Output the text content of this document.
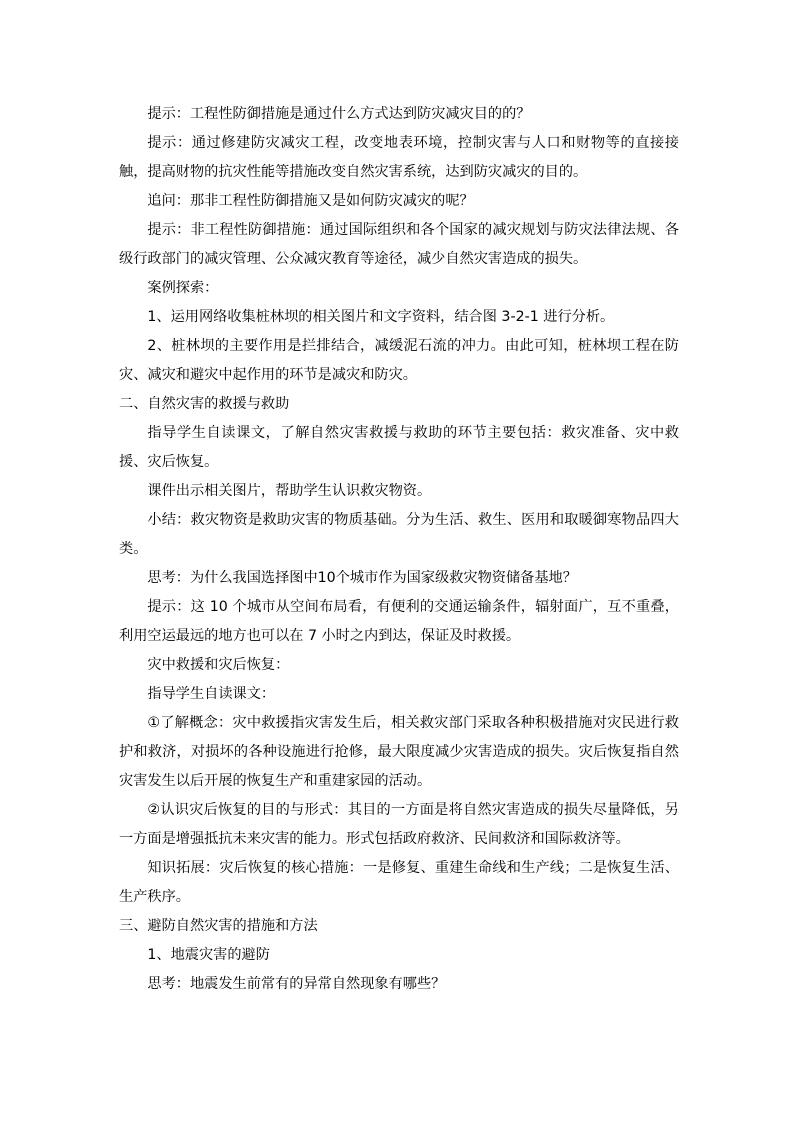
提示：工程性防御措施是通过什么方式达到防灾减灾目的的？

提示：通过修建防灾减灾工程，改变地表环境，控制灾害与人口和财物等的直接接触，提高财物的抗灾性能等措施改变自然灾害系统，达到防灾减灾的目的。

追问：那非工程性防御措施又是如何防灾减灾的呢？

提示：非工程性防御措施：通过国际组织和各个国家的减灾规划与防灾法律法规、各级行政部门的减灾管理、公众减灾教育等途径，减少自然灾害造成的损失。

案例探索：

1、运用网络收集桩林坝的相关图片和文字资料，结合图 3-2-1 进行分析。

2、桩林坝的主要作用是拦排结合，减缓泥石流的冲力。由此可知，桩林坝工程在防灾、减灾和避灾中起作用的环节是减灾和防灾。

二、自然灾害的救援与救助

指导学生自读课文，了解自然灾害救援与救助的环节主要包括：救灾准备、灾中救援、灾后恢复。

课件出示相关图片，帮助学生认识救灾物资。

小结：救灾物资是救助灾害的物质基础。分为生活、救生、医用和取暖御寒物品四大类。

思考：为什么我国选择图中10个城市作为国家级救灾物资储备基地？

提示：这 10 个城市从空间布局看，有便利的交通运输条件，辐射面广，互不重叠，利用空运最远的地方也可以在 7 小时之内到达，保证及时救援。

灾中救援和灾后恢复：

指导学生自读课文：

①了解概念：灾中救援指灾害发生后，相关救灾部门采取各种积极措施对灾民进行救护和救济，对损坏的各种设施进行抢修，最大限度减少灾害造成的损失。灾后恢复指自然灾害发生以后开展的恢复生产和重建家园的活动。

②认识灾后恢复的目的与形式：其目的一方面是将自然灾害造成的损失尽量降低，另一方面是增强抵抗未来灾害的能力。形式包括政府救济、民间救济和国际救济等。

知识拓展：灾后恢复的核心措施：一是修复、重建生命线和生产线；二是恢复生活、生产秩序。

三、避防自然灾害的措施和方法

1、地震灾害的避防

思考：地震发生前常有的异常自然现象有哪些？
